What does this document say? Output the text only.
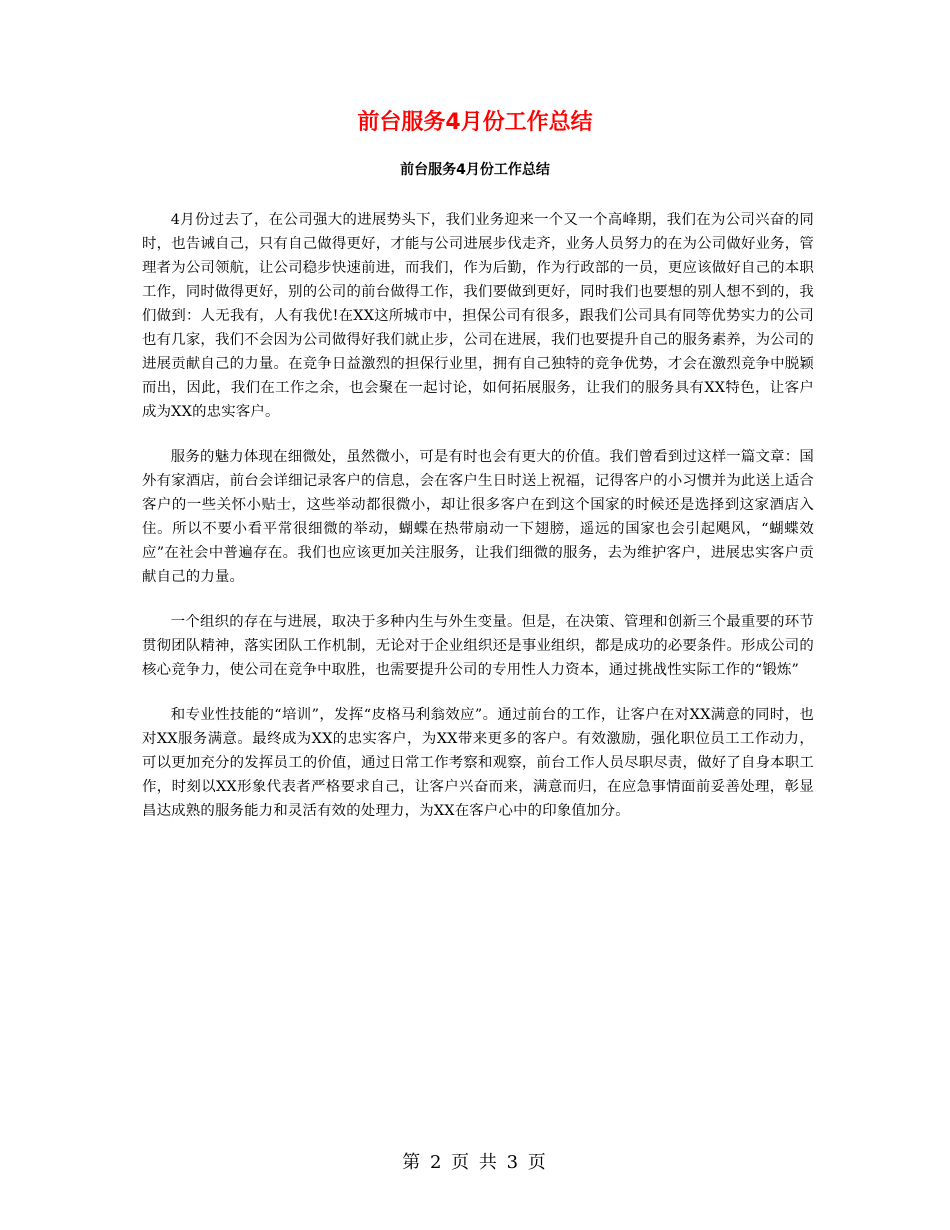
前台服务4月份工作总结
前台服务4月份工作总结

4月份过去了，在公司强大的进展势头下，我们业务迎来一个又一个高峰期，我们在为公司兴奋的同时，也告诫自己，只有自己做得更好，才能与公司进展步伐走齐，业务人员努力的在为公司做好业务，管理者为公司领航，让公司稳步快速前进，而我们，作为后勤，作为行政部的一员，更应该做好自己的本职工作，同时做得更好，别的公司的前台做得工作，我们要做到更好，同时我们也要想的别人想不到的，我们做到：人无我有，人有我优!在XX这所城市中，担保公司有很多，跟我们公司具有同等优势实力的公司也有几家，我们不会因为公司做得好我们就止步，公司在进展，我们也要提升自己的服务素养，为公司的进展贡献自己的力量。在竞争日益激烈的担保行业里，拥有自己独特的竞争优势，才会在激烈竞争中脱颖而出，因此，我们在工作之余，也会聚在一起讨论，如何拓展服务，让我们的服务具有XX特色，让客户成为XX的忠实客户。

服务的魅力体现在细微处，虽然微小，可是有时也会有更大的价值。我们曾看到过这样一篇文章：国外有家酒店，前台会详细记录客户的信息，会在客户生日时送上祝福，记得客户的小习惯并为此送上适合客户的一些关怀小贴士，这些举动都很微小，却让很多客户在到这个国家的时候还是选择到这家酒店入住。所以不要小看平常很细微的举动，蝴蝶在热带扇动一下翅膀，遥远的国家也会引起飓风，“蝴蝶效应”在社会中普遍存在。我们也应该更加关注服务，让我们细微的服务，去为维护客户，进展忠实客户贡献自己的力量。

一个组织的存在与进展，取决于多种内生与外生变量。但是，在决策、管理和创新三个最重要的环节贯彻团队精神，落实团队工作机制，无论对于企业组织还是事业组织，都是成功的必要条件。形成公司的核心竞争力，使公司在竞争中取胜，也需要提升公司的专用性人力资本，通过挑战性实际工作的“锻炼”

和专业性技能的“培训”，发挥“皮格马利翁效应”。通过前台的工作，让客户在对XX满意的同时，也对XX服务满意。最终成为XX的忠实客户，为XX带来更多的客户。有效激励，强化职位员工工作动力，可以更加充分的发挥员工的价值，通过日常工作考察和观察，前台工作人员尽职尽责，做好了自身本职工作，时刻以XX形象代表者严格要求自己，让客户兴奋而来，满意而归，在应急事情面前妥善处理，彰显昌达成熟的服务能力和灵活有效的处理力，为XX在客户心中的印象值加分。

第 2 页 共 3 页
